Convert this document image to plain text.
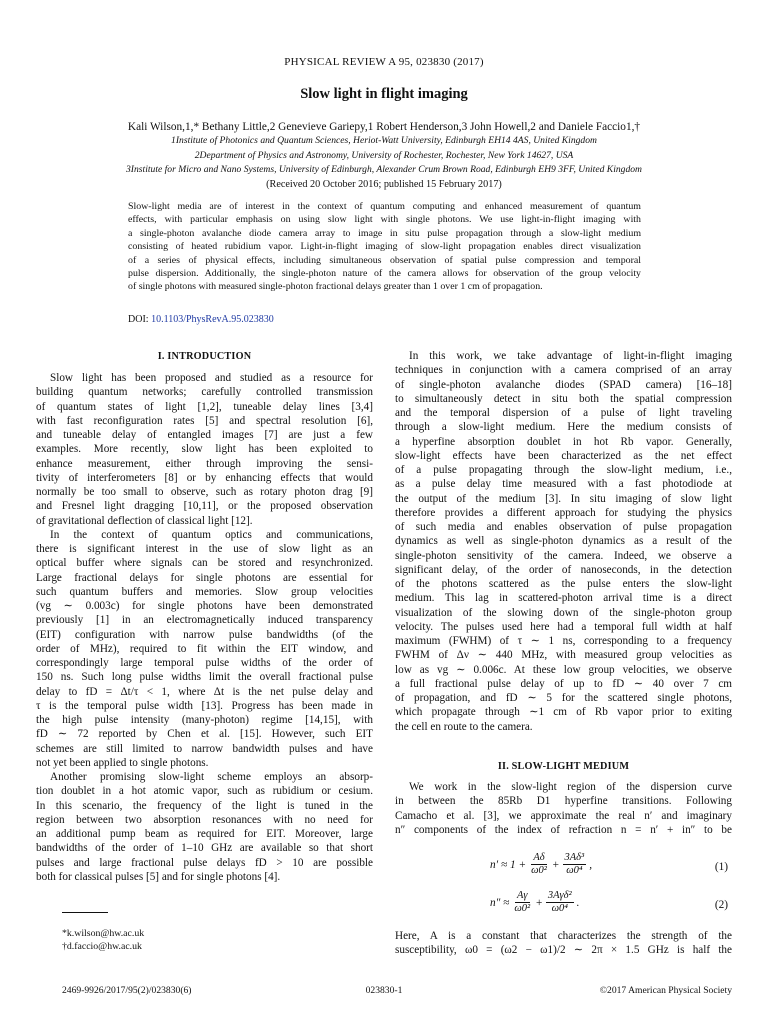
PHYSICAL REVIEW A 95, 023830 (2017)
Slow light in flight imaging
Kali Wilson,1,* Bethany Little,2 Genevieve Gariepy,1 Robert Henderson,3 John Howell,2 and Daniele Faccio1,†
1Institute of Photonics and Quantum Sciences, Heriot-Watt University, Edinburgh EH14 4AS, United Kingdom
2Department of Physics and Astronomy, University of Rochester, Rochester, New York 14627, USA
3Institute for Micro and Nano Systems, University of Edinburgh, Alexander Crum Brown Road, Edinburgh EH9 3FF, United Kingdom
(Received 20 October 2016; published 15 February 2017)
Slow-light media are of interest in the context of quantum computing and enhanced measurement of quantum
effects, with particular emphasis on using slow light with single photons. We use light-in-flight imaging with
a single-photon avalanche diode camera array to image in situ pulse propagation through a slow-light medium
consisting of heated rubidium vapor. Light-in-flight imaging of slow-light propagation enables direct visualization
of a series of physical effects, including simultaneous observation of spatial pulse compression and temporal
pulse dispersion. Additionally, the single-photon nature of the camera allows for observation of the group velocity
of single photons with measured single-photon fractional delays greater than 1 over 1 cm of propagation.
DOI: 10.1103/PhysRevA.95.023830
I. INTRODUCTION
Slow light has been proposed and studied as a resource for
building quantum networks; carefully controlled transmission
of quantum states of light [1,2], tuneable delay lines [3,4]
with fast reconfiguration rates [5] and spectral resolution [6],
and tuneable delay of entangled images [7] are just a few
examples. More recently, slow light has been exploited to
enhance measurement, either through improving the sensi-
tivity of interferometers [8] or by enhancing effects that would
normally be too small to observe, such as rotary photon drag [9]
and Fresnel light dragging [10,11], or the proposed observation
of gravitational deflection of classical light [12].
In the context of quantum optics and communications,
there is significant interest in the use of slow light as an
optical buffer where signals can be stored and resynchronized.
Large fractional delays for single photons are essential for
such quantum buffers and memories. Slow group velocities
(vg ∼ 0.003c) for single photons have been demonstrated
previously [1] in an electromagnetically induced transparency
(EIT) configuration with narrow pulse bandwidths (of the
order of MHz), required to fit within the EIT window, and
correspondingly large temporal pulse widths of the order of
150 ns. Such long pulse widths limit the overall fractional pulse
delay to fD = Δt/τ < 1, where Δt is the net pulse delay and
τ is the temporal pulse width [13]. Progress has been made in
the high pulse intensity (many-photon) regime [14,15], with
fD ∼ 72 reported by Chen et al. [15]. However, such EIT
schemes are still limited to narrow bandwidth pulses and have
not yet been applied to single photons.
Another promising slow-light scheme employs an absorp-
tion doublet in a hot atomic vapor, such as rubidium or cesium.
In this scenario, the frequency of the light is tuned in the
region between two absorption resonances with no need for
an additional pump beam as required for EIT. Moreover, large
bandwidths of the order of 1–10 GHz are available so that short
pulses and large fractional pulse delays fD > 10 are possible
both for classical pulses [5] and for single photons [4].
In this work, we take advantage of light-in-flight imaging
techniques in conjunction with a camera comprised of an array
of single-photon avalanche diodes (SPAD camera) [16–18]
to simultaneously detect in situ both the spatial compression
and the temporal dispersion of a pulse of light traveling
through a slow-light medium. Here the medium consists of
a hyperfine absorption doublet in hot Rb vapor. Generally,
slow-light effects have been characterized as the net effect
of a pulse propagating through the slow-light medium, i.e.,
as a pulse delay time measured with a fast photodiode at
the output of the medium [3]. In situ imaging of slow light
therefore provides a different approach for studying the physics
of such media and enables observation of pulse propagation
dynamics as well as single-photon dynamics as a result of the
single-photon sensitivity of the camera. Indeed, we observe a
significant delay, of the order of nanoseconds, in the detection
of the photons scattered as the pulse enters the slow-light
medium. This lag in scattered-photon arrival time is a direct
visualization of the slowing down of the single-photon group
velocity. The pulses used here had a temporal full width at half
maximum (FWHM) of τ ∼ 1 ns, corresponding to a frequency
FWHM of Δν ∼ 440 MHz, with measured group velocities as
low as vg ∼ 0.006c. At these low group velocities, we observe
a full fractional pulse delay of up to fD ∼ 40 over 7 cm
of propagation, and fD ∼ 5 for the scattered single photons,
which propagate through ∼1 cm of Rb vapor prior to exiting
the cell en route to the camera.
II. SLOW-LIGHT MEDIUM
We work in the slow-light region of the dispersion curve
in between the 85Rb D1 hyperfine transitions. Following
Camacho et al. [3], we approximate the real n′ and imaginary
n″ components of the index of refraction n = n′ + in″ to be
$n' \approx 1 + \frac{A\delta}{\text{ω0²}} + \frac{\text{3Aδ³}}{\text{ω0⁴}}$ ,	(1)
$n'' \approx \frac{A\gamma}{\text{ω0²}} + \frac{\text{3Aγδ²}}{\text{ω0⁴}}$ .	(2)
Here, A is a constant that characterizes the strength of the
susceptibility, ω0 = (ω2 − ω1)/2 ∼ 2π × 1.5 GHz is half the
*k.wilson@hw.ac.uk
†d.faccio@hw.ac.uk
2469-9926/2017/95(2)/023830(6)	023830-1	©2017 American Physical Society
